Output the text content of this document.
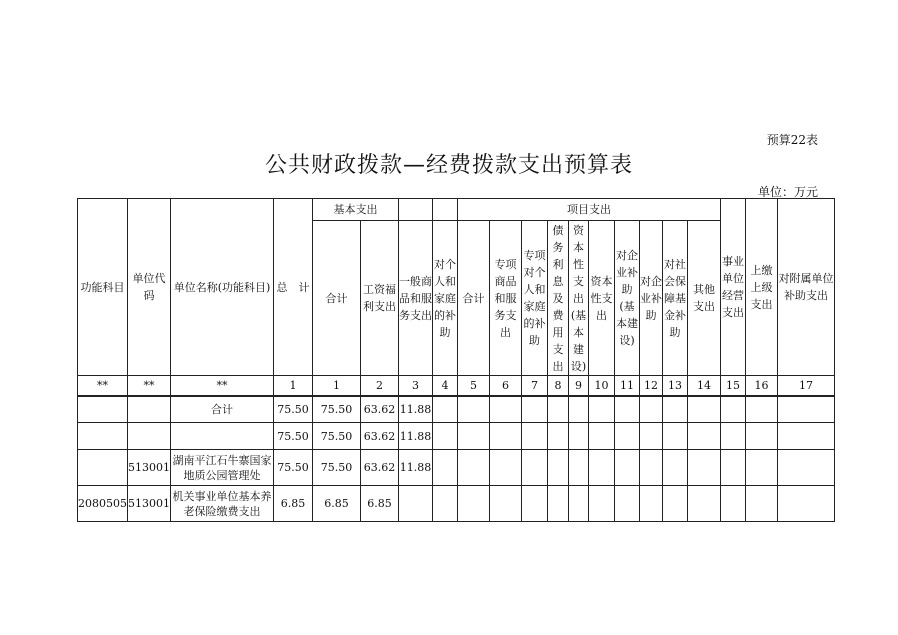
预算22表
公共财政拨款—经费拨款支出预算表
单位：万元
功能科目	单位代码	单位名称(功能科目)	总　计	基本支出				项目支出										事业单位经营支出	上缴上级支出	对附属单位补助支出
				合计	工资福利支出	一般商品和服务支出	对个人和家庭的补助	合计	专项商品和服务支出	专项对个人和家庭的补助	债务利息及费用支出	资本性支出(基本建设)	资本性支出	对企业补助(基本建设)	对企业补助	对社会保障基金补助	其他支出			
**	**	**	1	1	2	3	4	5	6	7	8	9	10	11	12	13	14	15	16	17
		合计	75.50	75.50	63.62	11.88														
			75.50	75.50	63.62	11.88														
	513001	湖南平江石牛寨国家地质公园管理处	75.50	75.50	63.62	11.88														
2080505	513001	机关事业单位基本养老保险缴费支出	6.85	6.85	6.85															
